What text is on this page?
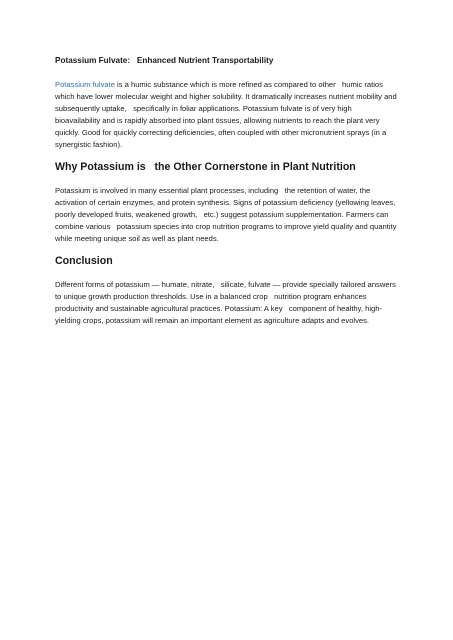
Potassium Fulvate:   Enhanced Nutrient Transportability

Potassium fulvate is a humic substance which is more refined as compared to other   humic ratios which have lower molecular weight and higher solubility. It dramatically increases nutrient mobility and subsequently uptake,   specifically in foliar applications. Potassium fulvate is of very high   bioavailability and is rapidly absorbed into plant tissues, allowing nutrients to reach the plant very quickly. Good for quickly correcting deficiencies, often coupled with other micronutrient sprays (in a   synergistic fashion).

Why Potassium is   the Other Cornerstone in Plant Nutrition

Potassium is involved in many essential plant processes, including   the retention of water, the activation of certain enzymes, and protein synthesis. Signs of potassium deficiency (yellowing leaves, poorly developed fruits, weakened growth,   etc.) suggest potassium supplementation. Farmers can combine various   potassium species into crop nutrition programs to improve yield quality and quantity while meeting unique soil as well as plant needs.

Conclusion

Different forms of potassium — humate, nitrate,   silicate, fulvate — provide specially tailored answers to unique growth production thresholds. Use in a balanced crop   nutrition program enhances productivity and sustainable agricultural practices. Potassium: A key   component of healthy, high-yielding crops, potassium will remain an important element as agriculture adapts and evolves.
